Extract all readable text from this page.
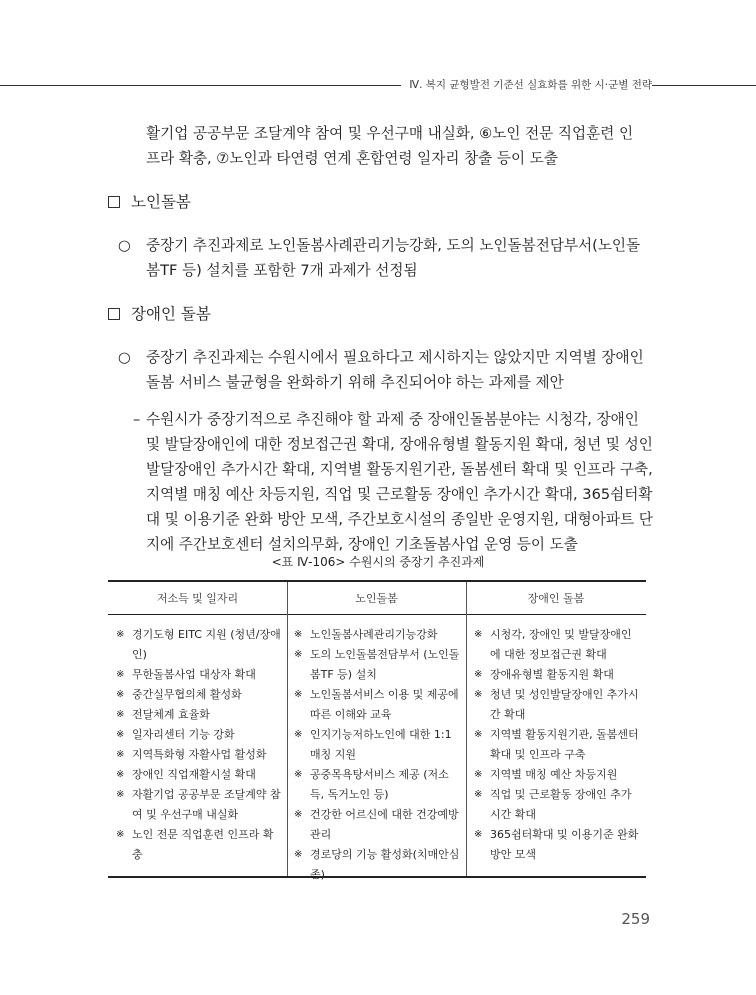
Ⅳ. 복지 균형발전 기준선 실효화를 위한 시·군별 전략

활기업 공공부문 조달계약 참여 및 우선구매 내실화, ⑥노인 전문 직업훈련 인프라 확충, ⑦노인과 타연령 연계 혼합연령 일자리 창출 등이 도출

노인돌봄
○ 중장기 추진과제로 노인돌봄사례관리기능강화, 도의 노인돌봄전담부서(노인돌봄TF 등) 설치를 포함한 7개 과제가 선정됨
장애인 돌봄
○ 중장기 추진과제는 수원시에서 필요하다고 제시하지는 않았지만 지역별 장애인돌봄 서비스 불균형을 완화하기 위해 추진되어야 하는 과제를 제안
– 수원시가 중장기적으로 추진해야 할 과제 중 장애인돌봄분야는 시청각, 장애인 및 발달장애인에 대한 정보접근권 확대, 장애유형별 활동지원 확대, 청년 및 성인발달장애인 추가시간 확대, 지역별 활동지원기관, 돌봄센터 확대 및 인프라 구축, 지역별 매칭 예산 차등지원, 직업 및 근로활동 장애인 추가시간 확대, 365쉼터확대 및 이용기준 완화 방안 모색, 주간보호시설의 종일반 운영지원, 대형아파트 단지에 주간보호센터 설치의무화, 장애인 기초돌봄사업 운영 등이 도출
<표 Ⅳ-106> 수원시의 중장기 추진과제
저소득 및 일자리	노인돌봄	장애인 돌봄
※ 경기도형 EITC 지원 (청년/장애인)
※ 무한돌봄사업 대상자 확대
※ 중간실무협의체 활성화
※ 전달체계 효율화
※ 일자리센터 기능 강화
※ 지역특화형 자활사업 활성화
※ 장애인 직업재활시설 확대
※ 자활기업 공공부문 조달계약 참여 및 우선구매 내실화
※ 노인 전문 직업훈련 인프라 확충
※ 노인돌봄사례관리기능강화
※ 도의 노인돌봄전담부서 (노인돌봄TF 등) 설치
※ 노인돌봄서비스 이용 및 제공에 따른 이해와 교육
※ 인지기능저하노인에 대한 1:1매칭 지원
※ 공중목욕탕서비스 제공 (저소득, 독거노인 등)
※ 건강한 어르신에 대한 건강예방관리
※ 경로당의 기능 활성화(치매안심존)
※ 시청각, 장애인 및 발달장애인에 대한 정보접근권 확대
※ 장애유형별 활동지원 확대
※ 청년 및 성인발달장애인 추가시간 확대
※ 지역별 활동지원기관, 돌봄센터 확대 및 인프라 구축
※ 지역별 매칭 예산 차등지원
※ 직업 및 근로활동 장애인 추가시간 확대
※ 365쉼터확대 및 이용기준 완화 방안 모색
259
